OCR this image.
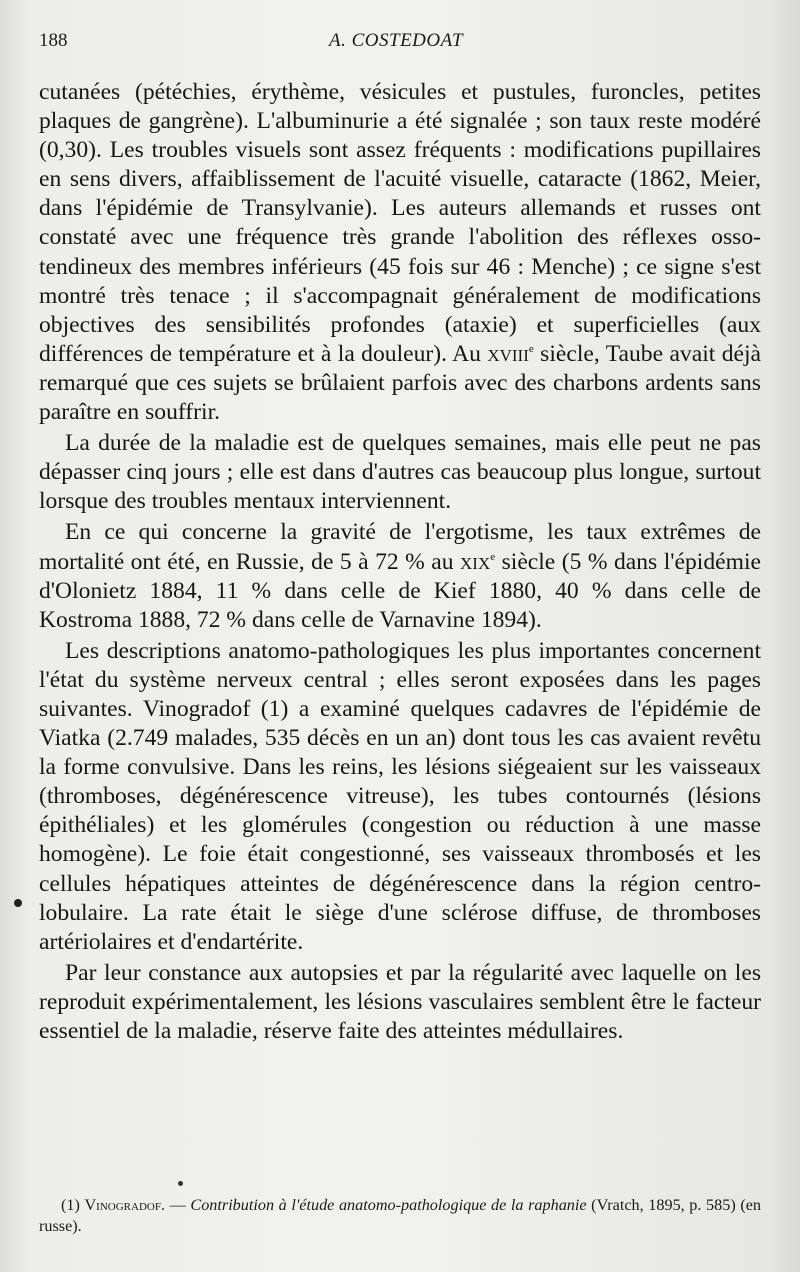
188	A. COSTEDOAT

cutanées (pétéchies, érythème, vésicules et pustules, furoncles, petites plaques de gangrène). L'albuminurie a été signalée ; son taux reste modéré (0,30). Les troubles visuels sont assez fréquents : modifications pupillaires en sens divers, affaiblissement de l'acuité visuelle, cataracte (1862, Meier, dans l'épidémie de Transylvanie). Les auteurs allemands et russes ont constaté avec une fréquence très grande l'abolition des réflexes osso-tendineux des membres inférieurs (45 fois sur 46 : Menche) ; ce signe s'est montré très tenace ; il s'accompagnait généralement de modifications objectives des sensibilités profondes (ataxie) et superficielles (aux différences de température et à la douleur). Au xviii$^e$ siècle, Taube avait déjà remarqué que ces sujets se brûlaient parfois avec des charbons ardents sans paraître en souffrir.

La durée de la maladie est de quelques semaines, mais elle peut ne pas dépasser cinq jours ; elle est dans d'autres cas beaucoup plus longue, surtout lorsque des troubles mentaux interviennent.

En ce qui concerne la gravité de l'ergotisme, les taux extrêmes de mortalité ont été, en Russie, de 5 à 72 % au xix$^e$ siècle (5 % dans l'épidémie d'Olonietz 1884, 11 % dans celle de Kief 1880, 40 % dans celle de Kostroma 1888, 72 % dans celle de Varnavine 1894).

Les descriptions anatomo-pathologiques les plus importantes concernent l'état du système nerveux central ; elles seront exposées dans les pages suivantes. Vinogradof (1) a examiné quelques cadavres de l'épidémie de Viatka (2.749 malades, 535 décès en un an) dont tous les cas avaient revêtu la forme convulsive. Dans les reins, les lésions siégeaient sur les vaisseaux (thromboses, dégénérescence vitreuse), les tubes contournés (lésions épithéliales) et les glomérules (congestion ou réduction à une masse homogène). Le foie était congestionné, ses vaisseaux thrombosés et les cellules hépatiques atteintes de dégénérescence dans la région centro-lobulaire. La rate était le siège d'une sclérose diffuse, de thromboses artériolaires et d'endartérite.

Par leur constance aux autopsies et par la régularité avec laquelle on les reproduit expérimentalement, les lésions vasculaires semblent être le facteur essentiel de la maladie, réserve faite des atteintes médullaires.

(1) Vinogradof. — Contribution à l'étude anatomo-pathologique de la raphanie (Vratch, 1895, p. 585) (en russe).
